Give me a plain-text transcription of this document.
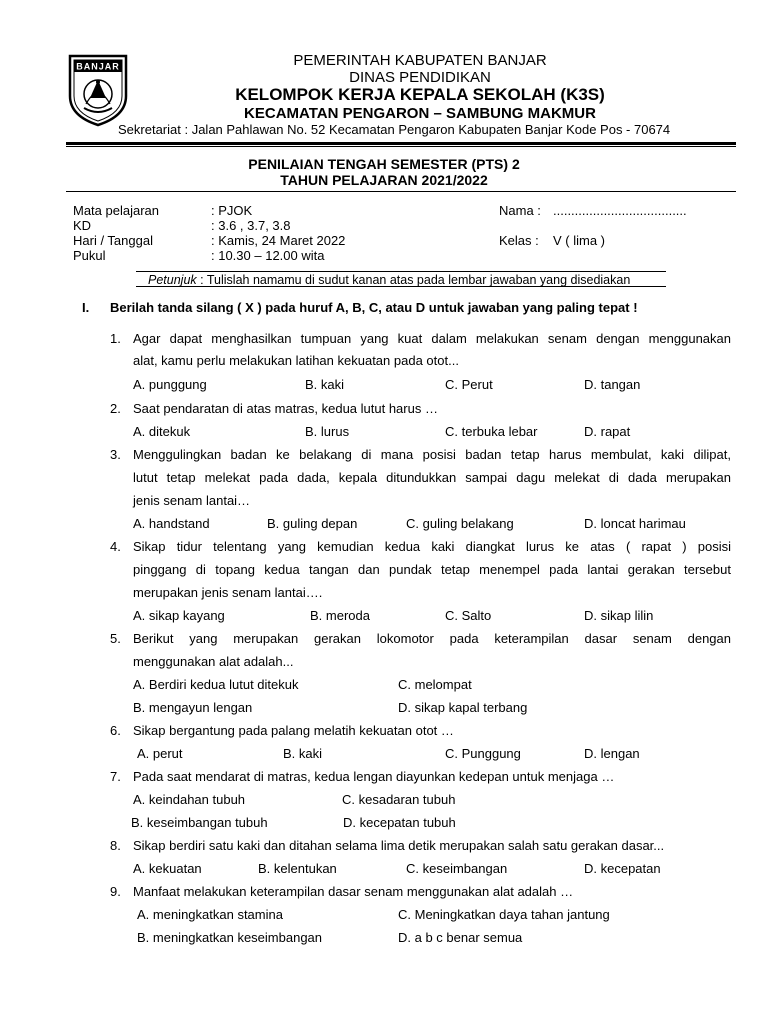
BANJAR	PEMERINTAH KABUPATEN BANJAR
DINAS PENDIDIKAN
KELOMPOK KERJA KEPALA SEKOLAH (K3S)
KECAMATAN PENGARON – SAMBUNG MAKMUR
Sekretariat : Jalan Pahlawan No. 52 Kecamatan Pengaron Kabupaten Banjar Kode Pos - 70674
PENILAIAN TENGAH SEMESTER (PTS) 2
TAHUN PELAJARAN 2021/2022
Mata pelajaran	: PJOK
KD	: 3.6 , 3.7, 3.8
Hari / Tanggal	: Kamis, 24 Maret 2022
Pukul	: 10.30 – 12.00 wita
Nama : .....................................
Kelas : V ( lima )
Petunjuk : Tulislah namamu di sudut kanan atas pada lembar jawaban yang disediakan
I. Berilah tanda silang ( X ) pada huruf A, B, C, atau D untuk jawaban yang paling tepat !
1. Agar dapat menghasilkan tumpuan yang kuat dalam melakukan senam dengan menggunakan
alat, kamu perlu melakukan latihan kekuatan pada otot...
A. punggung	B. kaki	C. Perut	D. tangan
2. Saat pendaratan di atas matras, kedua lutut harus …
A. ditekuk	B. lurus	C. terbuka lebar	D. rapat
3. Menggulingkan badan ke belakang di mana posisi badan tetap harus membulat, kaki dilipat,
lutut tetap melekat pada dada, kepala ditundukkan sampai dagu melekat di dada merupakan
jenis senam lantai…
A. handstand	B. guling depan	C. guling belakang	D. loncat harimau
4. Sikap tidur telentang yang kemudian kedua kaki diangkat lurus ke atas ( rapat ) posisi
pinggang di topang kedua tangan dan pundak tetap menempel pada lantai gerakan tersebut
merupakan jenis senam lantai….
A. sikap kayang	B. meroda	C. Salto	D. sikap lilin
5. Berikut yang merupakan gerakan lokomotor pada keterampilan dasar senam dengan
menggunakan alat adalah...
A. Berdiri kedua lutut ditekuk	C. melompat
B. mengayun lengan	D. sikap kapal terbang
6. Sikap bergantung pada palang melatih kekuatan otot …
A. perut	B. kaki	C. Punggung	D. lengan
7. Pada saat mendarat di matras, kedua lengan diayunkan kedepan untuk menjaga …
A. keindahan tubuh	C. kesadaran tubuh
B. keseimbangan tubuh	D. kecepatan tubuh
8. Sikap berdiri satu kaki dan ditahan selama lima detik merupakan salah satu gerakan dasar...
A. kekuatan	B. kelentukan	C. keseimbangan	D. kecepatan
9. Manfaat melakukan keterampilan dasar senam menggunakan alat adalah …
A. meningkatkan stamina	C. Meningkatkan daya tahan jantung
B. meningkatkan keseimbangan	D. a b c benar semua
